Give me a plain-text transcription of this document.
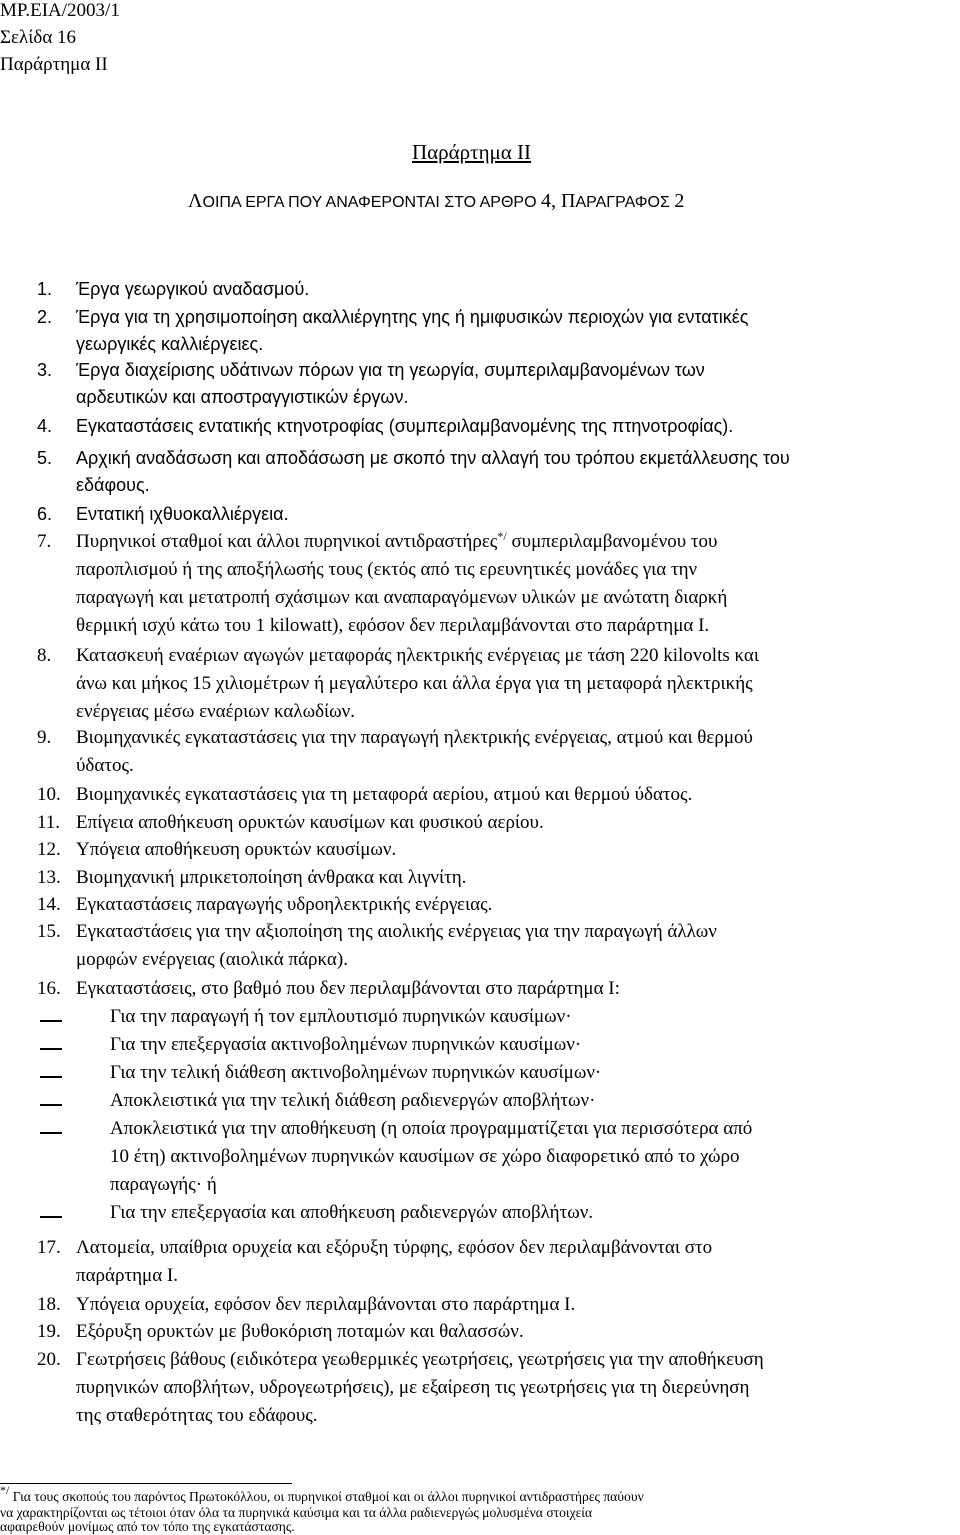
ΜΡ.ΕΙΑ/2003/1
Σελίδα 16
Παράρτημα ΙΙ
Παράρτημα ΙΙ
ΛΟΙΠΑ ΕΡΓΑ ΠΟΥ ΑΝΑΦΕΡΟΝΤΑΙ ΣΤΟ ΑΡΘΡΟ 4, ΠΑΡΑΓΡΑΦΟΣ 2
1. Έργα γεωργικού αναδασμού.
2. Έργα για τη χρησιμοποίηση ακαλλιέργητης γης ή ημιφυσικών περιοχών για εντατικές
γεωργικές καλλιέργειες.
3. Έργα διαχείρισης υδάτινων πόρων για τη γεωργία, συμπεριλαμβανομένων των
αρδευτικών και αποστραγγιστικών έργων.
4. Εγκαταστάσεις εντατικής κτηνοτροφίας (συμπεριλαμβανομένης της πτηνοτροφίας).
5. Αρχική αναδάσωση και αποδάσωση με σκοπό την αλλαγή του τρόπου εκμετάλλευσης του
εδάφους.
6. Εντατική ιχθυοκαλλιέργεια.
7. Πυρηνικοί σταθμοί και άλλοι πυρηνικοί αντιδραστήρες*/ συμπεριλαμβανομένου του
παροπλισμού ή της αποξήλωσής τους (εκτός από τις ερευνητικές μονάδες για την
παραγωγή και μετατροπή σχάσιμων και αναπαραγόμενων υλικών με ανώτατη διαρκή
θερμική ισχύ κάτω του 1 kilowatt), εφόσον δεν περιλαμβάνονται στο παράρτημα Ι.
8. Κατασκευή εναέριων αγωγών μεταφοράς ηλεκτρικής ενέργειας με τάση 220 kilovolts και
άνω και μήκος 15 χιλιομέτρων ή μεγαλύτερο και άλλα έργα για τη μεταφορά ηλεκτρικής
ενέργειας μέσω εναέριων καλωδίων.
9. Βιομηχανικές εγκαταστάσεις για την παραγωγή ηλεκτρικής ενέργειας, ατμού και θερμού
ύδατος.
10. Βιομηχανικές εγκαταστάσεις για τη μεταφορά αερίου, ατμού και θερμού ύδατος.
11. Επίγεια αποθήκευση ορυκτών καυσίμων και φυσικού αερίου.
12. Υπόγεια αποθήκευση ορυκτών καυσίμων.
13. Βιομηχανική μπρικετοποίηση άνθρακα και λιγνίτη.
14. Εγκαταστάσεις παραγωγής υδροηλεκτρικής ενέργειας.
15. Εγκαταστάσεις για την αξιοποίηση της αιολικής ενέργειας για την παραγωγή άλλων
μορφών ενέργειας (αιολικά πάρκα).
16. Εγκαταστάσεις, στο βαθμό που δεν περιλαμβάνονται στο παράρτημα Ι:
Για την παραγωγή ή τον εμπλουτισμό πυρηνικών καυσίμων·
Για την επεξεργασία ακτινοβολημένων πυρηνικών καυσίμων·
Για την τελική διάθεση ακτινοβολημένων πυρηνικών καυσίμων·
Αποκλειστικά για την τελική διάθεση ραδιενεργών αποβλήτων·
Αποκλειστικά για την αποθήκευση (η οποία προγραμματίζεται για περισσότερα από
10 έτη) ακτινοβολημένων πυρηνικών καυσίμων σε χώρο διαφορετικό από το χώρο
παραγωγής· ή
Για την επεξεργασία και αποθήκευση ραδιενεργών αποβλήτων.
17. Λατομεία, υπαίθρια ορυχεία και εξόρυξη τύρφης, εφόσον δεν περιλαμβάνονται στο
παράρτημα Ι.
18. Υπόγεια ορυχεία, εφόσον δεν περιλαμβάνονται στο παράρτημα Ι.
19. Εξόρυξη ορυκτών με βυθοκόριση ποταμών και θαλασσών.
20. Γεωτρήσεις βάθους (ειδικότερα γεωθερμικές γεωτρήσεις, γεωτρήσεις για την αποθήκευση
πυρηνικών αποβλήτων, υδρογεωτρήσεις), με εξαίρεση τις γεωτρήσεις για τη διερεύνηση
της σταθερότητας του εδάφους.
*/ Για τους σκοπούς του παρόντος Πρωτοκόλλου, οι πυρηνικοί σταθμοί και οι άλλοι πυρηνικοί αντιδραστήρες παύουν
να χαρακτηρίζονται ως τέτοιοι όταν όλα τα πυρηνικά καύσιμα και τα άλλα ραδιενεργώς μολυσμένα στοιχεία
αφαιρεθούν μονίμως από τον τόπο της εγκατάστασης.
